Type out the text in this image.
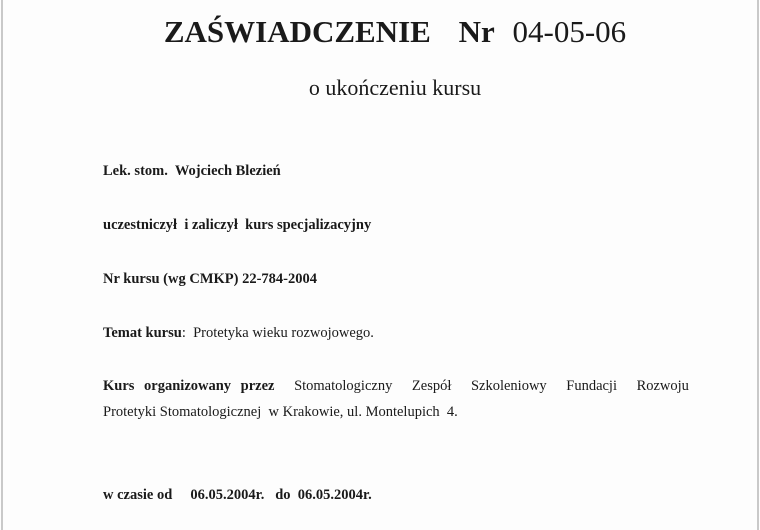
ZAŚWIADCZENIE Nr 04-05-06
o ukończeniu kursu
Lek. stom.  Wojciech Blezień
uczestniczył  i zaliczył  kurs specjalizacyjny
Nr kursu (wg CMKP) 22-784-2004
Temat kursu:  Protetyka wieku rozwojowego.
Kurs organizowany przez Stomatologiczny Zespół Szkoleniowy Fundacji Rozwoju
Protetyki Stomatologicznej  w Krakowie, ul. Montelupich  4.
w czasie od     06.05.2004r.   do  06.05.2004r.
